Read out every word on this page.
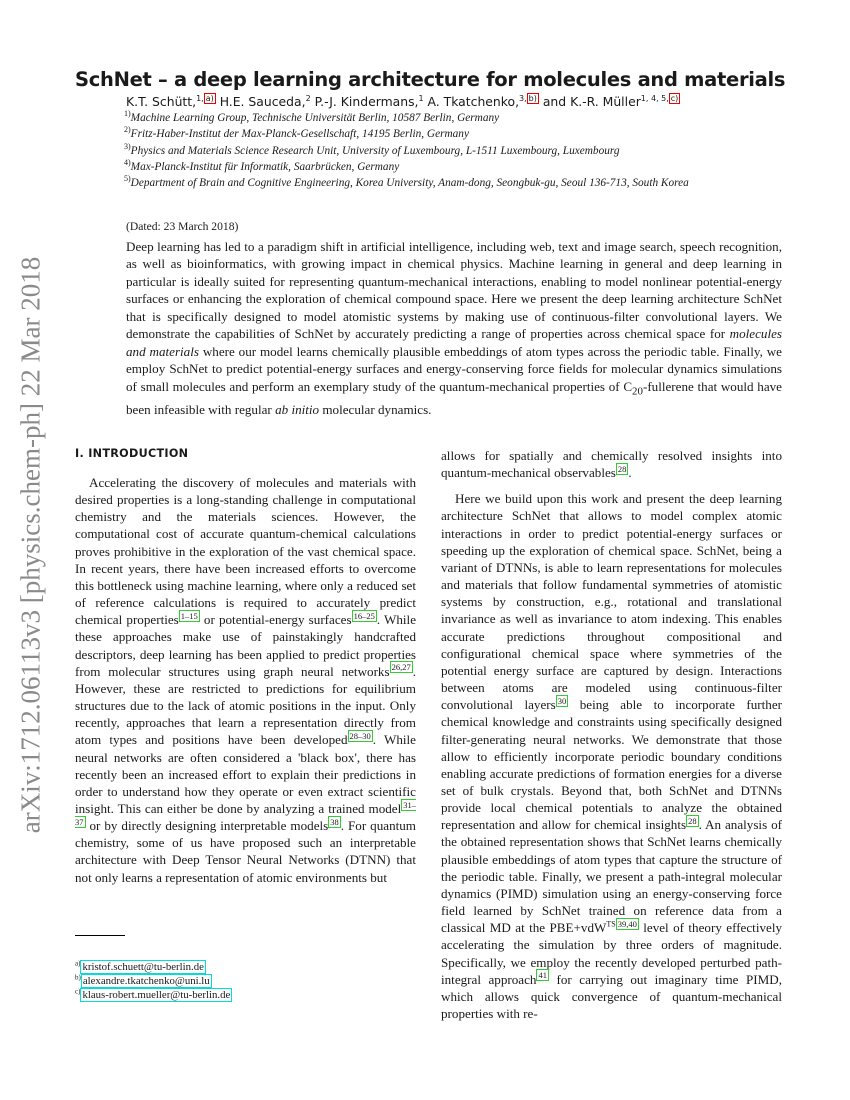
arXiv:1712.06113v3 [physics.chem-ph] 22 Mar 2018
SchNet – a deep learning architecture for molecules and materials
K.T. Schütt,$^{1,}$ $^{a)}$ H.E. Sauceda,$^2$ P.-J. Kindermans,$^1$ A. Tkatchenko,$^{3,}$ $^{b)}$ and K.-R. Müller$^{1, 4, 5,}$ $^{c)}$
$^{1)}$Machine Learning Group, Technische Universität Berlin, 10587 Berlin, Germany
$^{2)}$Fritz-Haber-Institut der Max-Planck-Gesellschaft, 14195 Berlin, Germany
$^{3)}$Physics and Materials Science Research Unit, University of Luxembourg, L-1511 Luxembourg, Luxembourg
$^{4)}$Max-Planck-Institut für Informatik, Saarbrücken, Germany
$^{5)}$Department of Brain and Cognitive Engineering, Korea University, Anam-dong, Seongbuk-gu, Seoul 136-713, South Korea
(Dated: 23 March 2018)
Deep learning has led to a paradigm shift in artificial intelligence, including web, text and image search, speech recognition, as well as bioinformatics, with growing impact in chemical physics. Machine learning in general and deep learning in particular is ideally suited for representing quantum-mechanical interactions, enabling to model nonlinear potential-energy surfaces or enhancing the exploration of chemical compound space. Here we present the deep learning architecture SchNet that is specifically designed to model atomistic systems by making use of continuous-filter convolutional layers. We demonstrate the capabilities of SchNet by accurately predicting a range of properties across chemical space for molecules and materials where our model learns chemically plausible embeddings of atom types across the periodic table. Finally, we employ SchNet to predict potential-energy surfaces and energy-conserving force fields for molecular dynamics simulations of small molecules and perform an exemplary study of the quantum-mechanical properties of $C_{20}$-fullerene that would have been infeasible with regular ab initio molecular dynamics.
I. INTRODUCTION

Accelerating the discovery of molecules and materials with desired properties is a long-standing challenge in computational chemistry and the materials sciences. However, the computational cost of accurate quantum-chemical calculations proves prohibitive in the exploration of the vast chemical space. In recent years, there have been increased efforts to overcome this bottleneck using machine learning, where only a reduced set of reference calculations is required to accurately predict chemical properties $^{1-15}$ or potential-energy surfaces $^{16-25}$ . While these approaches make use of painstakingly handcrafted descriptors, deep learning has been applied to predict properties from molecular structures using graph neural networks $^{26,27}$ . However, these are restricted to predictions for equilibrium structures due to the lack of atomic positions in the input. Only recently, approaches that learn a representation directly from atom types and positions have been developed $^{28-30}$ . While neural networks are often considered a 'black box', there has recently been an increased effort to explain their predictions in order to understand how they operate or even extract scientific insight. This can either be done by analyzing a trained model $^{31-37}$ or by directly designing interpretable models $^{38}$ . For quantum chemistry, some of us have proposed such an interpretable architecture with Deep Tensor Neural Networks (DTNN) that not only learns a representation of atomic environments but

allows for spatially and chemically resolved insights into quantum-mechanical observables $^{28}$ .

Here we build upon this work and present the deep learning architecture SchNet that allows to model complex atomic interactions in order to predict potential-energy surfaces or speeding up the exploration of chemical space. SchNet, being a variant of DTNNs, is able to learn representations for molecules and materials that follow fundamental symmetries of atomistic systems by construction, e.g., rotational and translational invariance as well as invariance to atom indexing. This enables accurate predictions throughout compositional and configurational chemical space where symmetries of the potential energy surface are captured by design. Interactions between atoms are modeled using continuous-filter convolutional layers $^{30}$ being able to incorporate further chemical knowledge and constraints using specifically designed filter-generating neural networks. We demonstrate that those allow to efficiently incorporate periodic boundary conditions enabling accurate predictions of formation energies for a diverse set of bulk crystals. Beyond that, both SchNet and DTNNs provide local chemical potentials to analyze the obtained representation and allow for chemical insights $^{28}$ . An analysis of the obtained representation shows that SchNet learns chemically plausible embeddings of atom types that capture the structure of the periodic table. Finally, we present a path-integral molecular dynamics (PIMD) simulation using an energy-conserving force field learned by SchNet trained on reference data from a classical MD at the PBE+vdW$^{TS}$ $^{39,40}$ level of theory effectively accelerating the simulation by three orders of magnitude. Specifically, we employ the recently developed perturbed path-integral approach $^{41}$ for carrying out imaginary time PIMD, which allows quick convergence of quantum-mechanical properties with re-

$^{a)}$ kristof.schuett@tu-berlin.de
$^{b)}$ alexandre.tkatchenko@uni.lu
$^{c)}$ klaus-robert.mueller@tu-berlin.de
